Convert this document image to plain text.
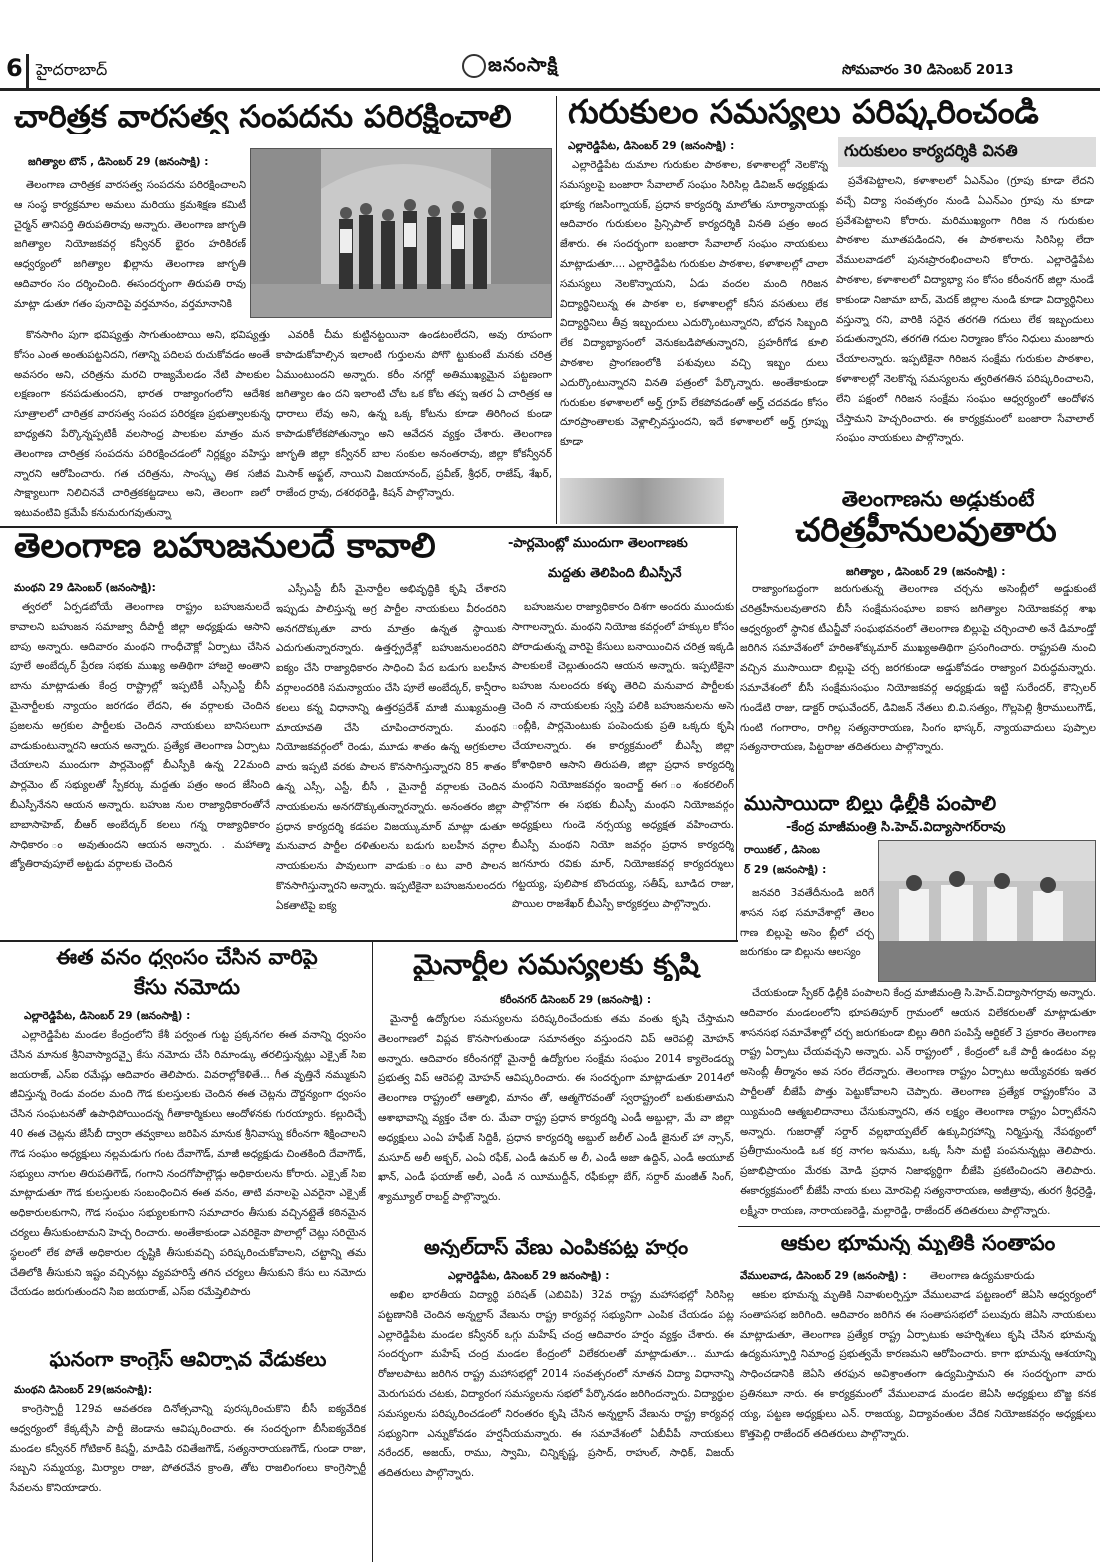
6 హైదరాబాద్	జనంసాక్షి	సోమవారం 30 డిసెంబర్ 2013
చారిత్రక వారసత్వ సంపదను పరిరక్షించాలి
జగిత్యాల టౌన్ , డిసెంబర్ 29 (జనంసాక్షి) :

తెలంగాణ చారిత్రక వారసత్వ సంపదను పరిరక్షించాలని ఆ సంస్థ కార్యక్రమాల అమలు మరియు క్రమశిక్షణ కమిటీ చైర్మన్ తానిపర్తి తిరుపతిరావు అన్నారు. తెలంగాణ జాగృతి జగిత్యాల నియోజకవర్గ కన్వీనర్ భైరం హరికిరణ్ ఆధ్వర్యంలో జగిత్యాల ఖిల్లాను తెలంగాణ జాగృతి ఆదివారం సం దర్శించింది. ఈసందర్భంగా తిరుపతి రావు మాట్లా డుతూ గతం పునాదిపై వర్తమానం, వర్తమానానికి

కొనసాగిం పుగా భవిష్యత్తు సాగుతుంటాయి అని, భవిష్యత్తు కోసం ఎంత అంతుపట్టనిదని, గతాన్ని పదిలప రుచుకోవడం అంతే అవసరం అని, చరిత్రను మరచి రాజ్యమేలడం నేటి పాలకుల లక్షణంగా కనపడుతుందని, భారత రాజ్యాంగంలోని ఆదేశిక సూత్రాలలో చారిత్రక వారసత్వ సంపద పరిరక్షణ ప్రభుత్వాలకున్న బాధ్యతని పేర్కొన్నప్పటికీ వలసాంధ్ర పాలకుల మాత్రం మన తెలంగాణ చారిత్రక సంపదను పరిరక్షించడంలో నిర్లక్ష్యం వహిస్తు న్నారని ఆరోపించారు. గత చరిత్రను, సాంస్కృ తిక సజీవ సాక్ష్యాలుగా నిలిచినవే చారిత్రకకట్టడాలు అని, తెలంగా ణలో ఇటువంటివి క్రమేపీ కనుమరుగవుతున్నా

ఎవరికీ చీమ కుట్టినట్టయినా ఉండటంలేదని, అవు రూపంగా కాపాడుకోవాల్సిన ఇలాంటి గుర్తులను పోగొ ట్టుకుంటే మనకు చరిత్ర ఏముంటుందని అన్నారు. కరీం నగర్లో అతిముఖ్యమైన పట్టణంగా జగిత్యాల ఉం దని ఇలాంటి చోట ఒక కోట తప్ప ఇతర ఏ చారిత్రక ఆ ధారాలు లేవు అని, ఉన్న ఒక్క కోటను కూడా తిరిగించ కుండా కాపాడుకోలేకపోతున్నాం అని ఆవేదన వ్యక్తం చేశారు. తెలంగాణ జాగృతి జిల్లా కన్వీనర్ బాల సంకుల అనంతరావు, జిల్లా కోకన్వీనర్ మిసాక్ అఫ్జల్, నాయిని విజయానంద్, ప్రవీణ్, శ్రీధర్, రాజేష్, శేఖర్, రాజేంద ర్రావు, దశరథరెడ్డి, కిషన్ పాల్గొన్నారు.

గురుకులం సమస్యలు పరిష్కరించండి
ఎల్లారెడ్డిపేట, డిసెంబర్ 29 (జనంసాక్షి) :	గురుకులం కార్యదర్శికి వినతి

ఎల్లారెడ్డిపేట దుమాల గురుకుల పాఠశాల, కళాశాలల్లో నెలకొన్న సమస్యలపై బంజారా సేవాలాల్ సంఘం సిరిసిల్ల డివిజన్ అధ్యక్షుడు భూక్య గజసింగ్నాయక్, ప్రధాన కార్యదర్శి మాలోతు సూర్యానాయక్లు ఆదివారం గురుకులం ప్రిన్సిపాల్ కార్యదర్శికి వినతి పత్రం అంద జేశారు. ఈ సందర్భంగా బంజారా సేవాలాల్ సంఘం నాయకులు మాట్లాడుతూ.... ఎల్లారెడ్డిపేట గురుకుల పాఠశాల, కళాశాలల్లో చాలా సమస్యలు నెలకొన్నాయని, ఏడు వందల మంది గిరిజన విద్యార్థినిలున్న ఈ పాఠశా ల, కళాశాలల్లో కనీస వసతులు లేక విద్యార్థినిలు తీవ్ర ఇబ్బందులు ఎదుర్కొంటున్నారని, బోధన సిబ్బంది లేక విద్యాభ్యాసంలో వెనుకబడిపోతున్నారని, ప్రహరీగోడ కూలి పాఠశాల ప్రాంగణంలోకి పశువులు వచ్చి ఇబ్బం దులు ఎదుర్కొంటున్నారని వినతి పత్రంలో పేర్కొన్నారు. అంతేకాకుండా గురుకుల కళాశాలలో అర్హ్ గ్రూప్ లేకపోవడంతో అర్హ్ చదవడం కోసం దూరప్రాంతాలకు వెళ్లాల్సివస్తుందని, ఇదే కళాశాలలో అర్హ్ గ్రూప్ను కూడా

ప్రవేశపెట్టాలని, కళాశాలలో ఏఎన్ఎం (గ్రూపు కూడా లేదని వచ్చే విద్యా సంవత్సరం నుండి ఏఎన్ఎం గ్రూపు ను కూడా ప్రవేశపెట్టాలని కోరారు. మరిముఖ్యంగా గిరిజ న గురుకుల పాఠశాల మూతపడిందని, ఈ పాఠశాలను సిరిసిల్ల లేదా వేములవాడలో పునఃప్రారంభించాలని కోరారు. ఎల్లారెడ్డిపేట పాఠశాల, కళాశాలలో విద్యాభ్యా సం కోసం కరీంనగర్ జిల్లా నుండే కాకుండా నిజామా బాద్, మెదక్ జిల్లాల నుండి కూడా విద్యార్థినిలు వస్తున్నా రని, వారికి సరైన తరగతి గదులు లేక ఇబ్బందులు పడుతున్నారని, తరగతి గదుల నిర్మాణం కోసం నిధులు మంజూరు చేయాలన్నారు. ఇప్పటికైనా గిరిజన సంక్షేమ గురుకుల పాఠశాల, కళాశాలల్లో నెలకొన్న సమస్యలను త్వరితగతిన పరిష్కరించాలని, లేని పక్షంలో గిరిజన సంక్షేమ సంఘం ఆధ్వర్యంలో ఆందోళన చేస్తామని హెచ్చరించారు. ఈ కార్యక్రమంలో బంజారా సేవాలాల్ సంఘం నాయకులు పాల్గొన్నారు.

తెలంగాణను అడ్డుకుంటే
చరిత్రహీనులవుతారు
జగిత్యాల , డిసెంబర్ 29 (జనంసాక్షి) :

రాజ్యాంగబద్ధంగా జరుగుతున్న తెలంగాణ చర్చను అసెంబ్లీలో అడ్డుకుంటే చరిత్రహీనులవుతారని బీసీ సంక్షేమసంఘాల ఐకాస జగిత్యాల నియోజకవర్గ శాఖ ఆధ్వర్యంలో స్థానిక టీఎన్జీవో సంఘభవనంలో తెలంగాణ బిల్లుపై చర్చించాలి అనే డిమాండ్తో జరిగిన సమావేశంలో హరిఅశోక్కుమార్ ముఖ్యఅతిథిగా ప్రసంగించారు. రాష్ట్రపతి నుంచి వచ్చిన ముసాయిదా బిల్లుపై చర్చ జరగకుండా అడ్డుకోవడం రాజ్యాంగ విరుద్ధమన్నారు. సమావేశంలో బీసీ సంక్షేమసంఘం నియోజకవర్గ అధ్యక్షుడు ఇట్టి సురేందర్, కౌన్సిలర్ గుండేటి రాజు, డాక్టర్ రాఘవేందర్, డివిజన్ నేతలు బి.వి.సత్యం, గొల్లపెల్లి శ్రీరాములుగౌడ్, గుంటి గంగారాం, రాగిల్ల సత్యనారాయణ, సింగం భాస్కర్, న్యాయవాదులు పుప్పాల సత్యనారాయణ, పిట్టరాజు తదితరులు పాల్గొన్నారు.

తెలంగాణ బహుజనులదే కావాలి	-పార్లమెంట్లో ముందుగా తెలంగాణకు
మద్దతు తెలిపింది బీఎస్పీనే
మంథని 29 డిసెంబర్ (జనంసాక్షి):

త్వరలో ఏర్పడబోయే తెలంగాణ రాష్ట్రం బహుజనులదే కావాలని బహుజన సమాజ్వా దీపార్టీ జిల్లా అధ్యక్షుడు ఆసాని బాపు అన్నారు. ఆదివారం మంథని గాంధీచౌక్లో ఏర్పాటు చేసిన పూలే అంబేద్కర్ ప్రేరణ సభకు ముఖ్య అతిథిగా హాజరై అంతాని బాను మాట్లాడుతు కేంద్ర రాష్ట్రాల్లో ఇప్పటికీ ఎస్సీఎస్టీ బీసీ మైనార్టీలకు న్యాయం జరగడం లేదని, ఈ వర్గాలకు చెందిన ప్రజలను అగ్రకుల పార్టీలకు చెందిన నాయకులు బానిసలుగా వాడుకుంటున్నారని ఆయన అన్నారు. ప్రత్యేక తెలంగాణ ఏర్పాటు చేయాలని ముందుగా పార్లమెంట్లో బీఎస్పీకి ఉన్న 22మంది పార్లమెం ట్ సభ్యులతో స్పీకర్కు మద్దతు పత్రం అంద జేసింది బీఎస్పీనేనని ఆయన అన్నారు. బహుజ నుల రాజ్యాధికారంతోనే బాబాసాహెబ్, బీఆర్ అంబేద్కర్ కలలు గన్న రాజ్యాధికారం సాధికారం ం అవుతుందని ఆయన అన్నారు. . మహాత్మా జ్యోతిరావుపూలే అట్టడు వర్గాలకు చెందిన

ఎస్సీఎస్టీ బీసీ మైనార్టీల అభివృద్ధికి కృషి చేశారని ఇప్పుడు పాలిస్తున్న అగ్ర పార్టీల నాయకులు వీరందరిని అనగదొక్కుతూ వారు మాత్రం ఉన్నత స్థాయికు ఎదుగుతున్నారన్నారు. ఉత్తర్ప్రదేశ్లో బహుజనులందరిని ఐక్యం చేసి రాజ్యాధికారం సాధించి పేద బడుగు బలహీన వర్గాలందరికి సమన్యాయం చేసి పూలే అంబేద్కర్, కాన్షీరాం కలలు కన్న విధానాన్ని ఉత్తరప్రదేశ్ మాజీ ముఖ్యమంత్రి మాయావతి చేసి చూపించారన్నారు. మంథని నియోజకవర్గంలో రెండు, మూడు శాతం ఉన్న అగ్రకులాల వారు ఇప్పటి వరకు పాలన కొనసాగిస్తున్నారని 85 శాతం ఉన్న ఎస్సీ, ఎస్టీ, బీసీ , మైనార్టీ వర్గాలకు చెందిన నాయకులను అనగదొక్కుతున్నారన్నారు. అనంతరం జిల్లా ప్రధాన కార్యదర్శి కడపల విజయ్కుమార్ మాట్లా డుతూ మనువాద పార్టీల దళితులను బడుగు బలహీన వర్గాల నాయకులను పావులుగా వాడుకు ంటు వారి పాలన కొనసాగిస్తున్నారని అన్నారు. ఇప్పటికైనా బహుజనులందరు ఏకతాటిపై ఐక్య

బహుజనుల రాజ్యాధికారం దిశగా అందరు ముందుకు సాగాలన్నారు. మంథని నియోజ కవర్గంలో హక్కుల కోసం పోరాడుతున్న వారిపై కేసులు బనాయించిన చరిత్ర ఇక్కడి పాలకులకే చెల్లుతుందని ఆయన అన్నారు. ఇప్పటికైనా బహుజ నులందరు కళ్ళు తెరిచి మనువాద పార్టీలకు చెంది న నాయకులకు స్వస్తి పలికి బహుజనులను అసె ంబ్లీకి, పార్లమెంటుకు పంపెందుకు ప్రతి ఒక్కరు కృషి చేయాలన్నారు. ఈ కార్యక్రమంలో బీఎస్పీ జిల్లా కోశాధికారి ఆసాని తిరుపతి, జిల్లా ప్రధాన కార్యదర్శి మంథని నియోజకవర్గం ఇంచార్జ్ ఈగ ం శంకరలింగ్ పాల్గొనగా ఈ సభకు బీఎస్పీ మంథని నియోజవర్గం అధ్యక్షులు గుండె నర్సయ్య అధ్యక్షత వహించారు. బీఎస్పీ మంథని నియో జవర్గం ప్రధాన కార్యదర్శి జగనూరు రవికు మార్, నియోజకవర్గ కార్యదర్శులు గట్టయ్య, పులిపాక బొందయ్య, సతీష్, బూడిద రాజు, పొయిల రాజశేఖర్ బీఎస్పీ కార్యకర్తలు పాల్గొన్నారు.

ముసాయిదా బిల్లు ఢిల్లీకి పంపాలి
-కేంద్ర మాజీమంత్రి సి.హెచ్.విద్యాసాగర్‌రావు
రాయికల్ , డిసెంబ
ర్ 29 (జనంసాక్షి) :

జనవరి 3వతేదీనుండి జరిగే శాసన సభ సమావేశాల్లో తెలం గాణ బిల్లుపై అసెం బ్లీలో చర్చ జరుగకుం డా బిల్లును ఆలస్యం

చేయకుండా స్పీకర్ ఢిల్లీకి పంపాలని కేంద్ర మాజీమంత్రి సి.హెచ్.విద్యాసాగర్రావు అన్నారు. ఆదివారం మండలంలోని భూపతిపూర్ గ్రామంలో ఆయన విలేకరులతో మాట్లాడుతూ శాసనసభ సమావేశాల్లో చర్చ జరుగకుండా బిల్లు తిరిగి పంపిస్తే ఆర్టికల్ 3 ప్రకారం తెలంగాణ రాష్ట్ర ఏర్పాటు చేయవచ్చని అన్నారు. ఎన్ రాష్ట్రంలో , కేంద్రంలో ఒకే పార్టీ ఉండటం వల్ల అసెంబ్లీ తీర్మానం అవ సరం లేదన్నారు. తెలంగాణ రాష్ట్రం ఏర్పాటు అయ్యేవరకు ఇతర పార్టీలతో బీజేపీ పొత్తు పెట్టుకోవాలని చెప్పారు. తెలంగాణ ప్రత్యేక రాష్ట్రంకోసం వె య్యిమంది ఆత్మబలిదానాలు చేసుకున్నారని, తన లక్ష్యం తెలంగాణ రాష్ట్రం ఏర్పాటేనని అన్నారు. గుజరాత్లో సర్దార్ వల్లభాయ్పటేల్ ఉక్కువిగ్రహాన్ని నిర్మిస్తున్న నేపథ్యంలో ప్రతీగ్రామంనుండి ఒక కర్ర నాగల ఇనుము, ఒక్క సీసా మట్టి పంపనున్నట్లు తెలిపారు. ప్రజాభిప్రాయం మేరకు మోడి ప్రధాన నిజాభ్యర్థిగా బీజేపి ప్రకటించిందని తెలిపారు. ఈకార్యక్రమంలో బీజేపీ నాయ కులు మోరపెల్లి సత్యనారాయణ, అజీత్రావు, తురగ శ్రీధర్రెడ్డి, లక్ష్మీనా రాయణ, నారాయణరెడ్డి, మల్లారెడ్డి, రాజేందర్ తదితరులు పాల్గొన్నారు.

ఈత వనం ధ్వంసం చేసిన వారిపై
కేసు నమోదు
ఎల్లారెడ్డిపేట, డిసెంబర్ 29 (జనంసాక్షి) :

ఎల్లారెడ్డిపేట మండల కేంద్రంలోని కేశీ పర్వంత గుట్ట ప్రక్కనగల ఈత వనాన్ని ధ్వంసం చేసిన మానుక శ్రీనివాస్యాదవ్పై కేసు నమోదు చేసి రిమాండ్కు తరలిస్తున్నట్లు ఎక్సైజ్ సిఐ జయరాజ్, ఎస్ఐ రమేష్లు ఆదివారం తెలిపారు. వివరాల్లోకెళితే... గీత వృత్తినే నమ్ముకుని జీవిస్తున్న రెండు వందల మంది గౌడ కులస్తులకు చెందిన ఈత చెట్లను దౌర్జన్యంగా ధ్వంసం చేసిన సంఘటనతో ఉపాధిపోయిందన్న గీతాకార్మికులు ఆందోళనకు గురయ్యారు. కల్లుదిచ్చే 40 ఈత చెట్లను జేసీబీ ద్వారా తవ్వకాలు జరిపిన మానుక శ్రీనివాస్ను కరీంనగా శిక్షించాలని గౌడ సంఘం అధ్యక్షులు నల్లమడుగు గంట దేవాగౌడ్, మాజీ అధ్యక్షుడు చింతకింది దేవాగౌడ్, సభ్యులు నాగుల తిరుపతిగౌడ్, గంగాని నందగోపాల్గౌడ్లు అధికారులను కోరారు. ఎక్సైజ్ సిఐ మాట్లాడుతూ గౌడ కులస్తులకు సంబంధించిన ఈత వనం, తాటి వనాలపై ఎవరైనా ఎక్సైజ్ అధికారులకుగాని, గౌడ సంఘం సభ్యులకుగాని సమాచారం తీసుకు వచ్చినట్లైతే కఠినమైన చర్యలు తీసుకుంటామని హెచ్చ రించారు. అంతేకాకుండా ఎవరికైనా పొలాల్లో చెట్లు సరియైన స్థలంలో లేక పోతే అధికారుల దృష్టికి తీసుకువచ్చి పరిష్కరించుకోవాలని, చట్టాన్ని తమ చేతిలోకి తీసుకుని ఇష్టం వచ్చినట్లు వ్యవహరిస్తే తగిన చర్యలు తీసుకుని కేసు లు నమోదు చేయడం జరుగుతుందని సిఐ జయరాజ్, ఎస్ఐ రమేష్తెలిపారు

మైనార్టీల సమస్యలకు కృషి
కరీంనగర్ డిసెంబర్ 29 (జనంసాక్షి) :

మైనార్టీ ఉద్యోగుల సమస్యలను పరిష్కరించేందుకు తమ వంతు కృషి చేస్తామని తెలంగాణలో విప్లవ కొనసాగుతుండా సమానత్వం వస్తుందని విప్ ఆరెపల్లి మోహన్ అన్నారు. ఆదివారం కరీంనగర్లో మైనార్టీ ఉద్యోగుల సంక్షేమ సంఘం 2014 క్యాలెండర్ను ప్రభుత్వ విప్ ఆరెపల్లి మోహన్ ఆవిష్కరించారు. ఈ సందర్భంగా మాట్లాడుతూ 2014లో తెలంగాణ రాష్ట్రంలో ఆత్మాభి, మానం తో, ఆత్మగౌరవంతో స్వరాష్ట్రంలో బతుకుతామని ఆశాభావాన్ని వ్యక్తం చేశా రు. మేవా రాష్ట్ర ప్రధాన కార్యదర్శి ఎండీ అబ్దుల్లా, మే వా జిల్లా అధ్యక్షులు ఎంఏ హఫీజ్ సిద్దికీ, ప్రధాన కార్యదర్శి అబ్దుల్ జలీల్ ఎండీ జైనుల్ హా న్సాన్, మసూద్ అలీ అక్బర్, ఎంఏ రఫీక్, ఎండీ ఉమర్ అ లీ, ఎండీ అజా ఉద్దిన్, ఎండీ అయూబ్ ఖాన్, ఎండీ ఫయాజ్ అలీ, ఎండీ న యీముద్దీన్, రఫీకుల్లా బేగ్, సర్దార్ మంజీత్ సింగ్, శ్యామ్యూల్ రాబర్ట్ పాల్గొన్నారు.

అన్నల్‌దాస్ వేణు ఎంపికపట్ల హర్షం
ఎల్లారెడ్డిపేట, డిసెంబర్ 29 జనంసాక్షి) :

అఖిల భారతీయ విద్యార్థి పరిషత్ (ఎబివిపి) 32వ రాష్ట్ర మహాసభల్లో సిరిసిల్ల పట్టణానికి చెందిన అన్నల్దాస్ వేణును రాష్ట్ర కార్యవర్గ సభ్యునిగా ఎంపిక చేయడం పట్ల ఎల్లారెడ్డిపేట మండల కన్వీనర్ ఒగ్గు మహేష్ చంద్ర ఆదివారం హర్షం వ్యక్తం చేశారు. ఈ సందర్భంగా మహేష్ చంద్ర మండల కేంద్రంలో విలేకరులతో మాట్లాడుతూ... మూడు రోజులపాటు జరిగిన రాష్ట్ర మహాసభల్లో 2014 సంవత్సరంలో నూతన విద్యా విధానాన్ని మెరుగుపరు చటకు, విద్యారంగ సమస్యలను సభలో పేర్కొనడం జరిగిందన్నారు. విద్యార్థుల సమస్యలను పరిష్కరించడంలో నిరంతరం కృషి చేసిన అన్నల్దాస్ వేణును రాష్ట్ర కార్యవర్గ సభ్యునిగా ఎన్నుకోవడం హర్షనీయమన్నారు. ఈ సమావేశంలో ఏబీవీపీ నాయకులు నరేందర్, అజయ్, రాము, స్వామి, చిన్నికృష్ణ, ప్రసాద్, రాహుల్, సాధిక్, విజయ్ తదితరులు పాల్గొన్నారు.

ఘనంగా కాంగ్రెస్ ఆవిర్భావ వేడుకలు
మంథని డిసెంబర్ 29(జనంసాక్షి):

కాంగ్రెస్పార్టీ 129వ ఆవతరణ దినోత్సవాన్ని పురస్కరించుకొని బీసీ ఐక్యవేదిక ఆధ్వర్యంలో కేక్కట్చేసి పార్టీ జెండాను ఆవిష్కరించారు. ఈ సందర్భంగా బీసీఐక్యవేదిక మండల కన్వీనర్ గోటికార్ కిషన్జీ, మాడిపి రవితేజగౌడ్, సత్యనారాయణగౌడ్, గుండా రాజు, సబ్బని సమ్మయ్య, మిర్యాల రాజు, పోతరవేన క్రాంతి, తోట రాజలింగంలు కాంగ్రెస్పార్టీ సేవలను కొనియాడారు.

ఆకుల భూమన్న మృతికి సంతాపం
వేములవాడ, డిసెంబర్ 29 (జనంసాక్షి) :	తెలంగాణ ఉద్యమకారుడు

ఆకుల భూమన్న మృతికి నివాళులర్పిస్తూ వేములవాడ పట్టణంలో జెఏసి ఆధ్వర్యంలో సంతాపసభ జరిగింది. ఆదివారం జరిగిన ఈ సంతాపసభలో పలువురు జెఏసి నాయకులు మాట్లాడుతూ, తెలంగాణ ప్రత్యేక రాష్ట్ర ఏర్పాటుకు అహర్నిశలు కృషి చేసిన భూమన్న ఉద్యమస్ఫూర్తి నిమాంధ్ర ప్రభుత్వమే కారణమని ఆరోపించారు. కాగా భూమన్న ఆశయాన్ని సాధించడానికి జెఏసి తరఫున అవిశ్రాంతంగా ఉద్యమిస్తామని ఈ సందర్భంగా వారు ప్రతినబూ నారు. ఈ కార్యక్రమంలో వేములవాడ మండల జెఏసి అధ్యక్షులు బొజ్జ కనక య్య, పట్టణ అధ్యక్షులు ఎన్. రాజయ్య, విద్యావంతుల వేదిక నియోజకవర్గం అధ్యక్షులు కొత్తపెల్లి రాజేందర్ తదితరులు పాల్గొన్నారు.
